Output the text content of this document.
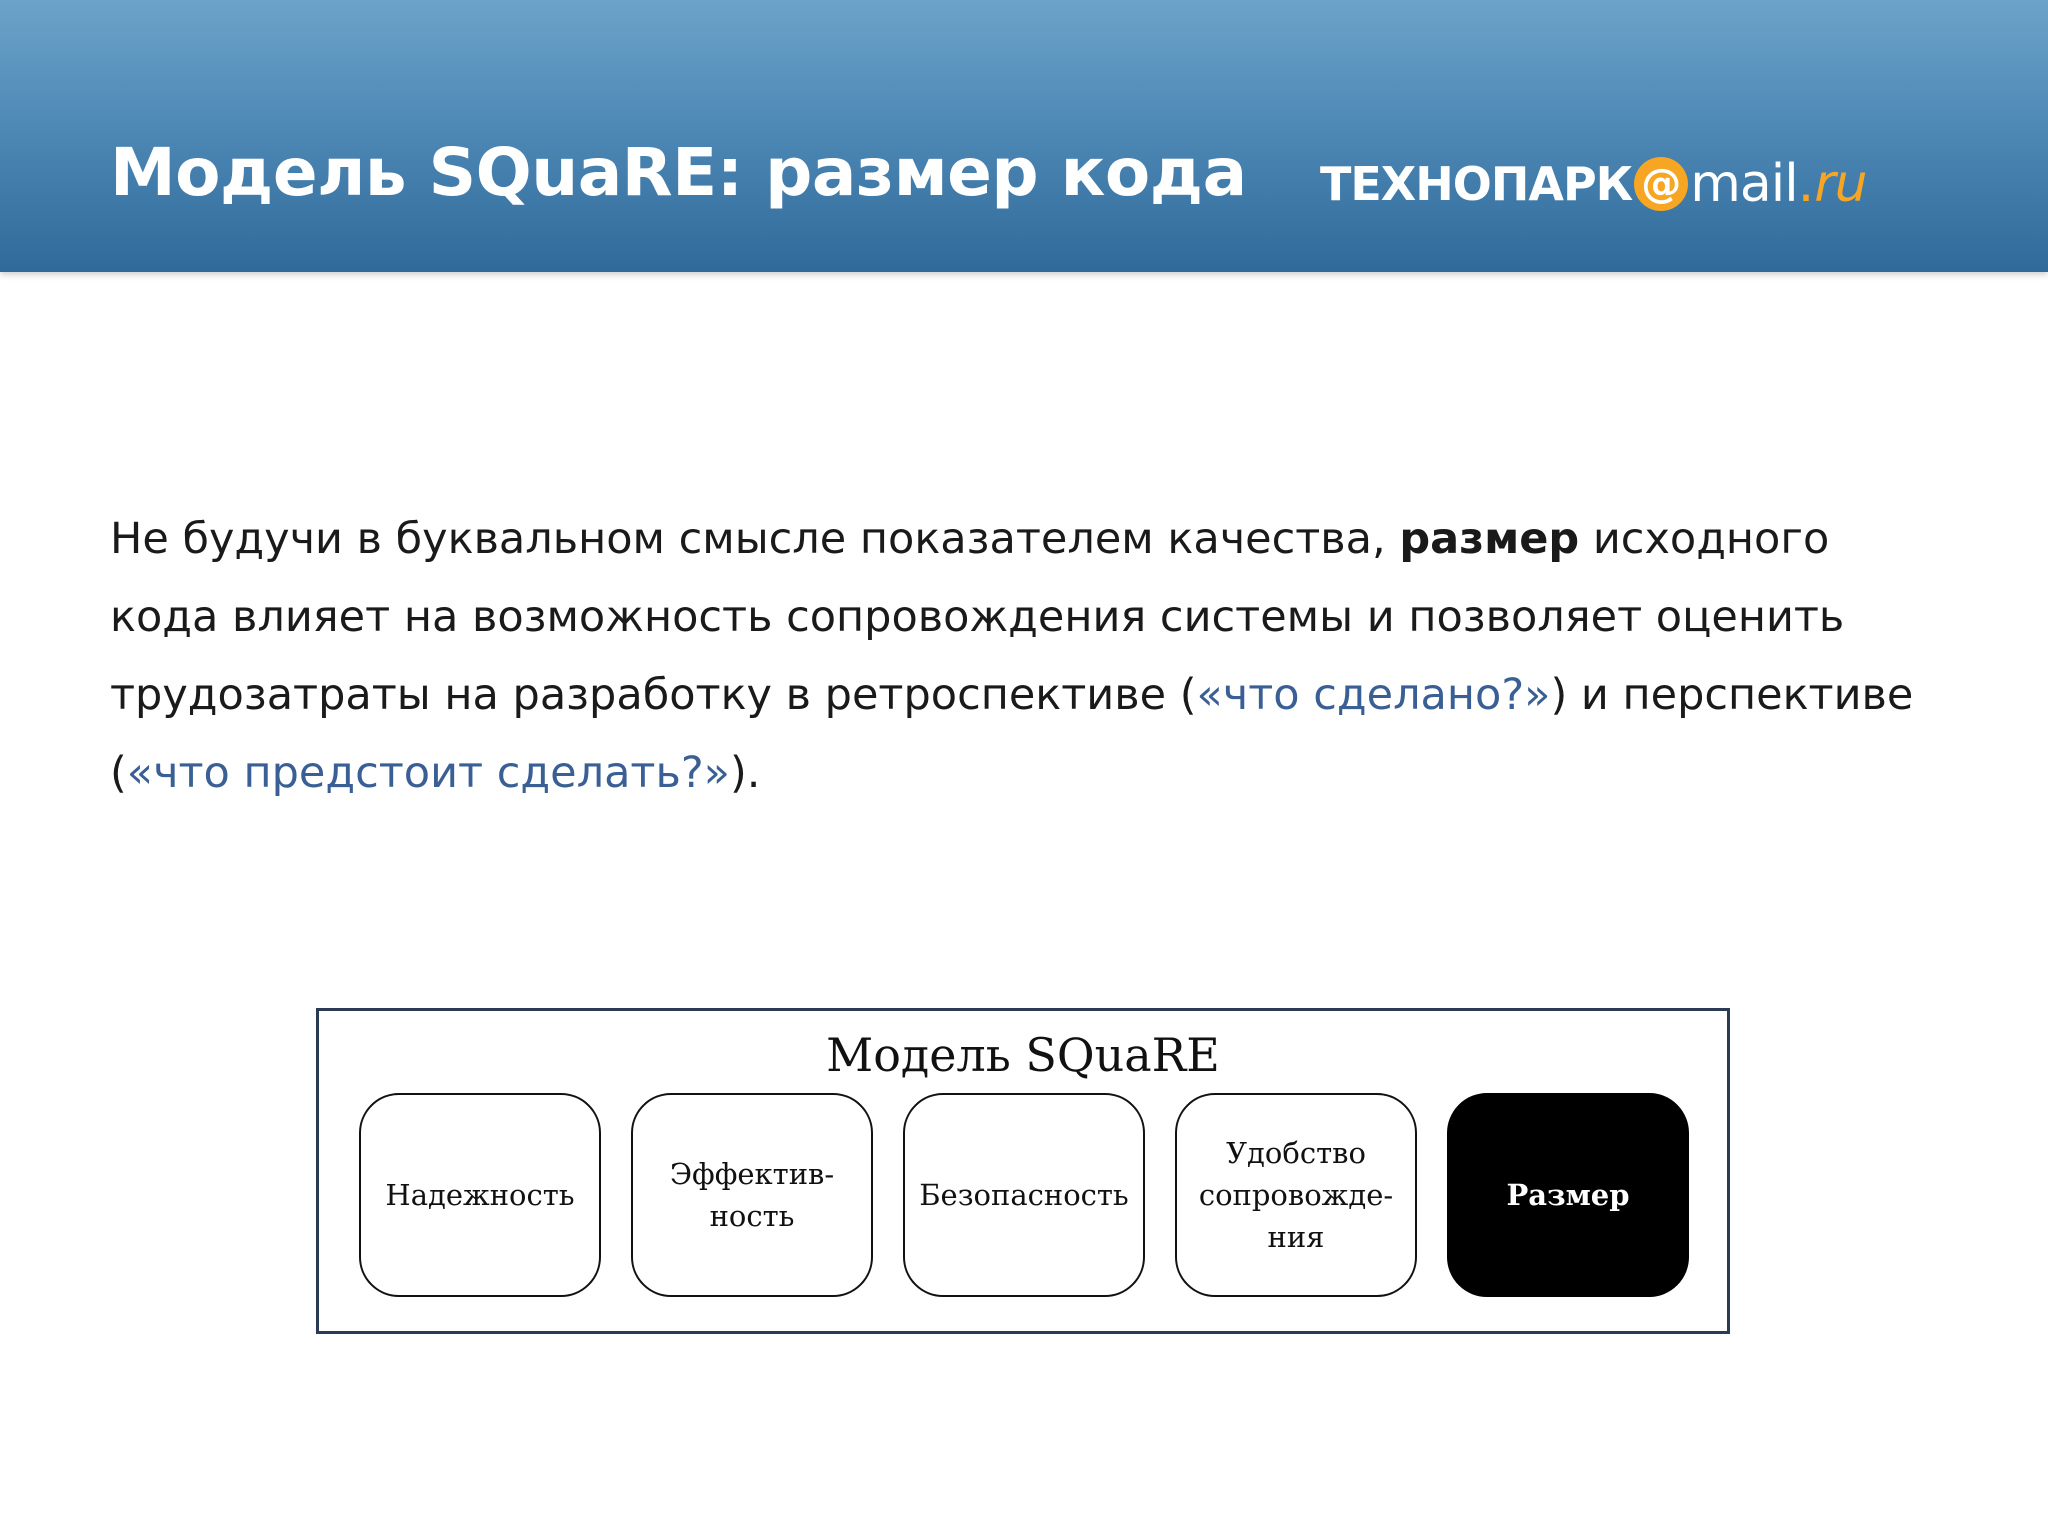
Модель SQuaRE: размер кода ТЕХНОПАРК @ mail . ru

Не будучи в буквальном смысле показателем качества, размер исходного кода влияет на возможность сопровождения системы и позволяет оценить трудозатраты на разработку в ретроспективе («что сделано?») и перспективе («что предстоит сделать?»).

Модель SQuaRE
Надежность
Эффектив-
ность
Безопасность
Удобство
сопровожде-
ния
Размер
